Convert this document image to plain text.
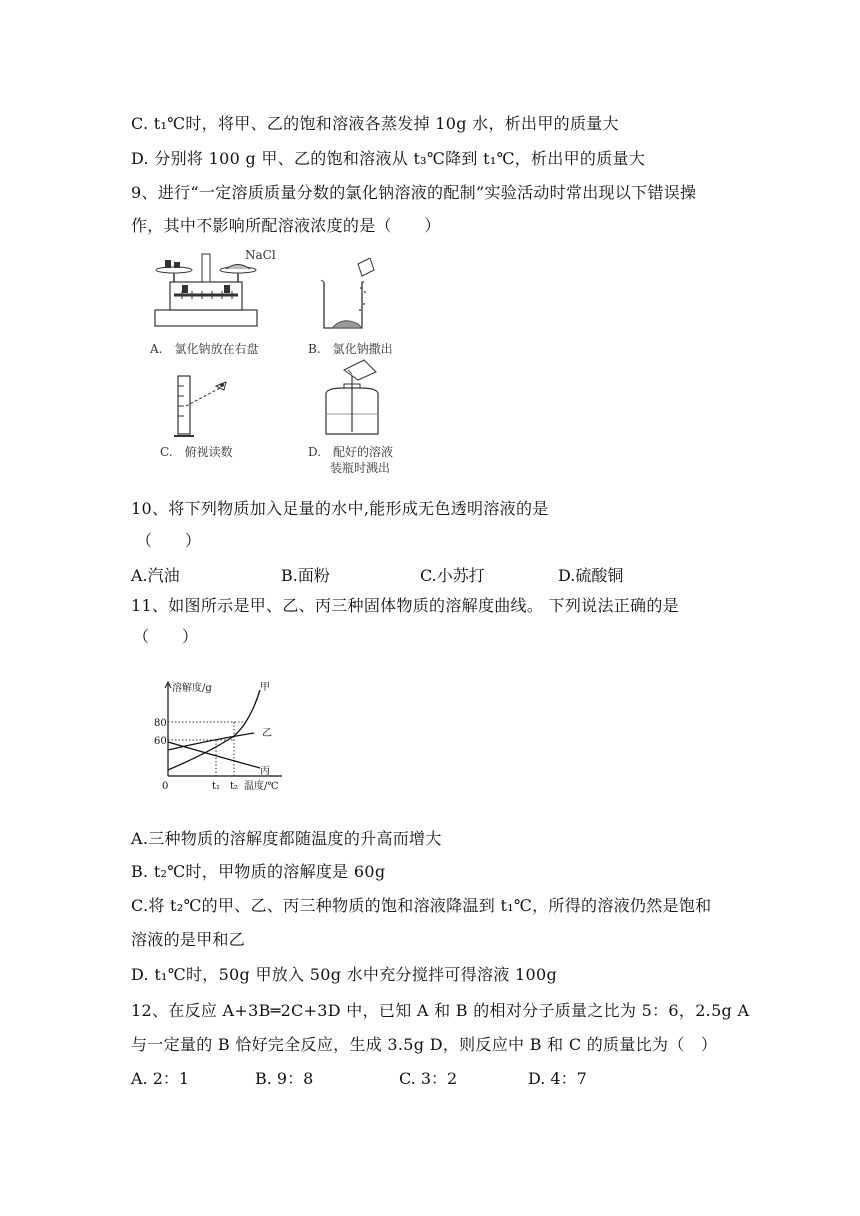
C. t₁℃时，将甲、乙的饱和溶液各蒸发掉 10g 水，析出甲的质量大
D. 分别将 100 g 甲、乙的饱和溶液从 t₃℃降到 t₁℃，析出甲的质量大
9、进行“一定溶质质量分数的氯化钠溶液的配制”实验活动时常出现以下错误操
作，其中不影响所配溶液浓度的是（　　）
NaCl
A.　氯化钠放在右盘	B.　氯化钠撒出
C.　俯视读数	D.　配好的溶液
装瓶时溅出
10、将下列物质加入足量的水中,能形成无色透明溶液的是
（　　）
A.汽油	B.面粉	C.小苏打	D.硫酸铜
11、如图所示是甲、乙、丙三种固体物质的溶解度曲线。 下列说法正确的是
（　　）
溶解度/g	甲
乙
丙
80
60
0	t₁ t₂ 温度/℃
A.三种物质的溶解度都随温度的升高而增大
B. t₂℃时，甲物质的溶解度是 60g
C.将 t₂℃的甲、乙、丙三种物质的饱和溶液降温到 t₁℃，所得的溶液仍然是饱和
溶液的是甲和乙
D. t₁℃时，50g 甲放入 50g 水中充分搅拌可得溶液 100g
12、在反应 A+3B═2C+3D 中，已知 A 和 B 的相对分子质量之比为 5：6，2.5g A
与一定量的 B 恰好完全反应，生成 3.5g D，则反应中 B 和 C 的质量比为（　）
A. 2：1	B. 9：8	C. 3：2	D. 4：7
